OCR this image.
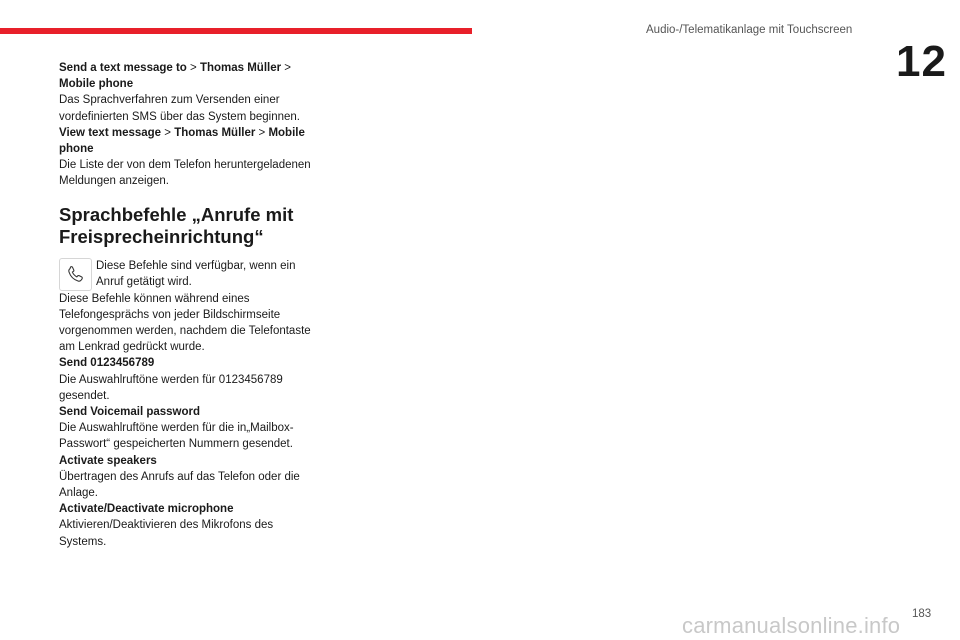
Audio-/Telematikanlage mit Touchscreen
12

Send a text message to > Thomas Müller > Mobile phone

Das Sprachverfahren zum Versenden einer vordefinierten SMS über das System beginnen.

View text message > Thomas Müller > Mobile phone

Die Liste der von dem Telefon heruntergeladenen Meldungen anzeigen.

Sprachbefehle „Anrufe mit Freisprecheinrichtung“

Diese Befehle sind verfügbar, wenn ein Anruf getätigt wird.

Diese Befehle können während eines Telefongesprächs von jeder Bildschirmseite vorgenommen werden, nachdem die Telefontaste am Lenkrad gedrückt wurde.

Send 0123456789

Die Auswahlruftöne werden für 0123456789 gesendet.

Send Voicemail password

Die Auswahlruftöne werden für die in„Mailbox-Passwort“ gespeicherten Nummern gesendet.

Activate speakers

Übertragen des Anrufs auf das Telefon oder die Anlage.

Activate/Deactivate microphone

Aktivieren/Deaktivieren des Mikrofons des Systems.

183
carmanualsonline.info
